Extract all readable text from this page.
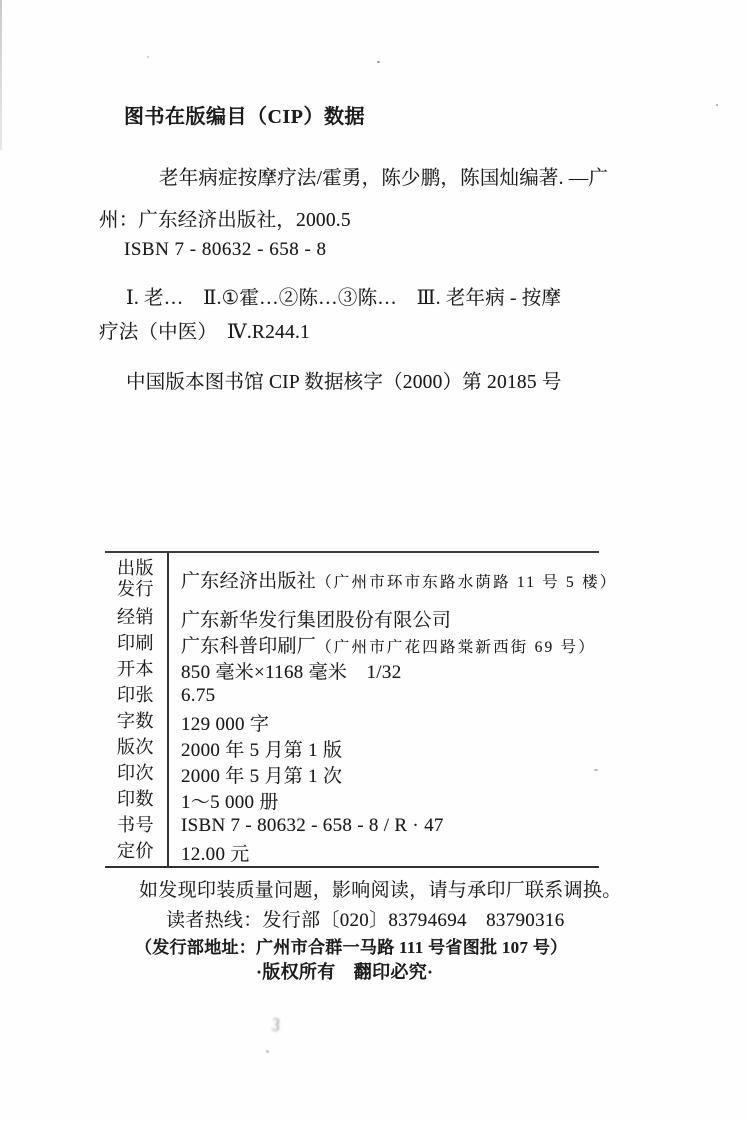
图书在版编目（CIP）数据
老年病症按摩疗法/霍勇，陈少鹏，陈国灿编著. —广
州：广东经济出版社，2000.5
ISBN 7 - 80632 - 658 - 8
Ⅰ. 老…　Ⅱ.①霍…②陈…③陈…　Ⅲ. 老年病 - 按摩
疗法（中医）　Ⅳ.R244.1
中国版本图书馆 CIP 数据核字（2000）第 20185 号
出版发行	广东经济出版社（广州市环市东路水荫路 11 号 5 楼）
经销	广东新华发行集团股份有限公司
印刷	广东科普印刷厂（广州市广花四路棠新西街 69 号）
开本	850 毫米×1168 毫米　1/32
印张	6.75
字数	129 000 字
版次	2000 年 5 月第 1 版
印次	2000 年 5 月第 1 次
印数	1～5 000 册
书号	ISBN 7 - 80632 - 658 - 8 / R · 47
定价	12.00 元
如发现印装质量问题，影响阅读，请与承印厂联系调换。
读者热线：发行部〔020〕83794694　83790316
（发行部地址：广州市合群一马路 111 号省图批 107 号）
·版权所有　翻印必究·
3
